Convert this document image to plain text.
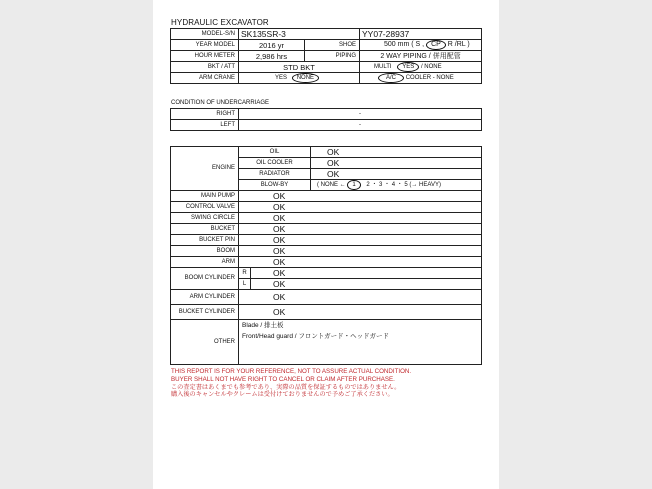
HYDRAULIC EXCAVATOR
MODEL-S/N	SK135SR-3		YY07-28937
YEAR MODEL	2016 yr	SHOE	500 mm ( S , CP R /RL )
HOUR METER	2,986 hrs	PIPING	2 WAY PIPING / 併用配管
BKT / ATT	STD BKT		MULTI YES / NONE
ARM CRANE	YES NONE		A/C COOLER - NONE
CONDITION OF UNDERCARRIAGE
RIGHT	-
LEFT	-
ENGINE	OIL		OK
	OIL COOLER		OK
	RADIATOR		OK
	BLOW-BY		( NONE ← 1 2 ・ 3 ・ 4 ・ 5 (→ HEAVY)
MAIN PUMP	OK		
CONTROL VALVE	OK		
SWING CIRCLE	OK		
BUCKET	OK		
BUCKET PIN	OK		
BOOM	OK		
ARM	OK		
BOOM CYLINDER	R	OK	
	L	OK	
ARM CYLINDER	OK		
BUCKET CYLINDER	OK		
OTHER	Blade / 排土板
Front/Head guard / フロントガード・ヘッドガード		
THIS REPORT IS FOR YOUR REFERENCE, NOT TO ASSURE ACTUAL CONDITION.
BUYER SHALL NOT HAVE RIGHT TO CANCEL OR CLAIM AFTER PURCHASE.
この査定書はあくまでも参考であり、実際の品質を保証するものではありません。
購入後のキャンセルやクレームは受付けておりませんので予めご了承ください。
